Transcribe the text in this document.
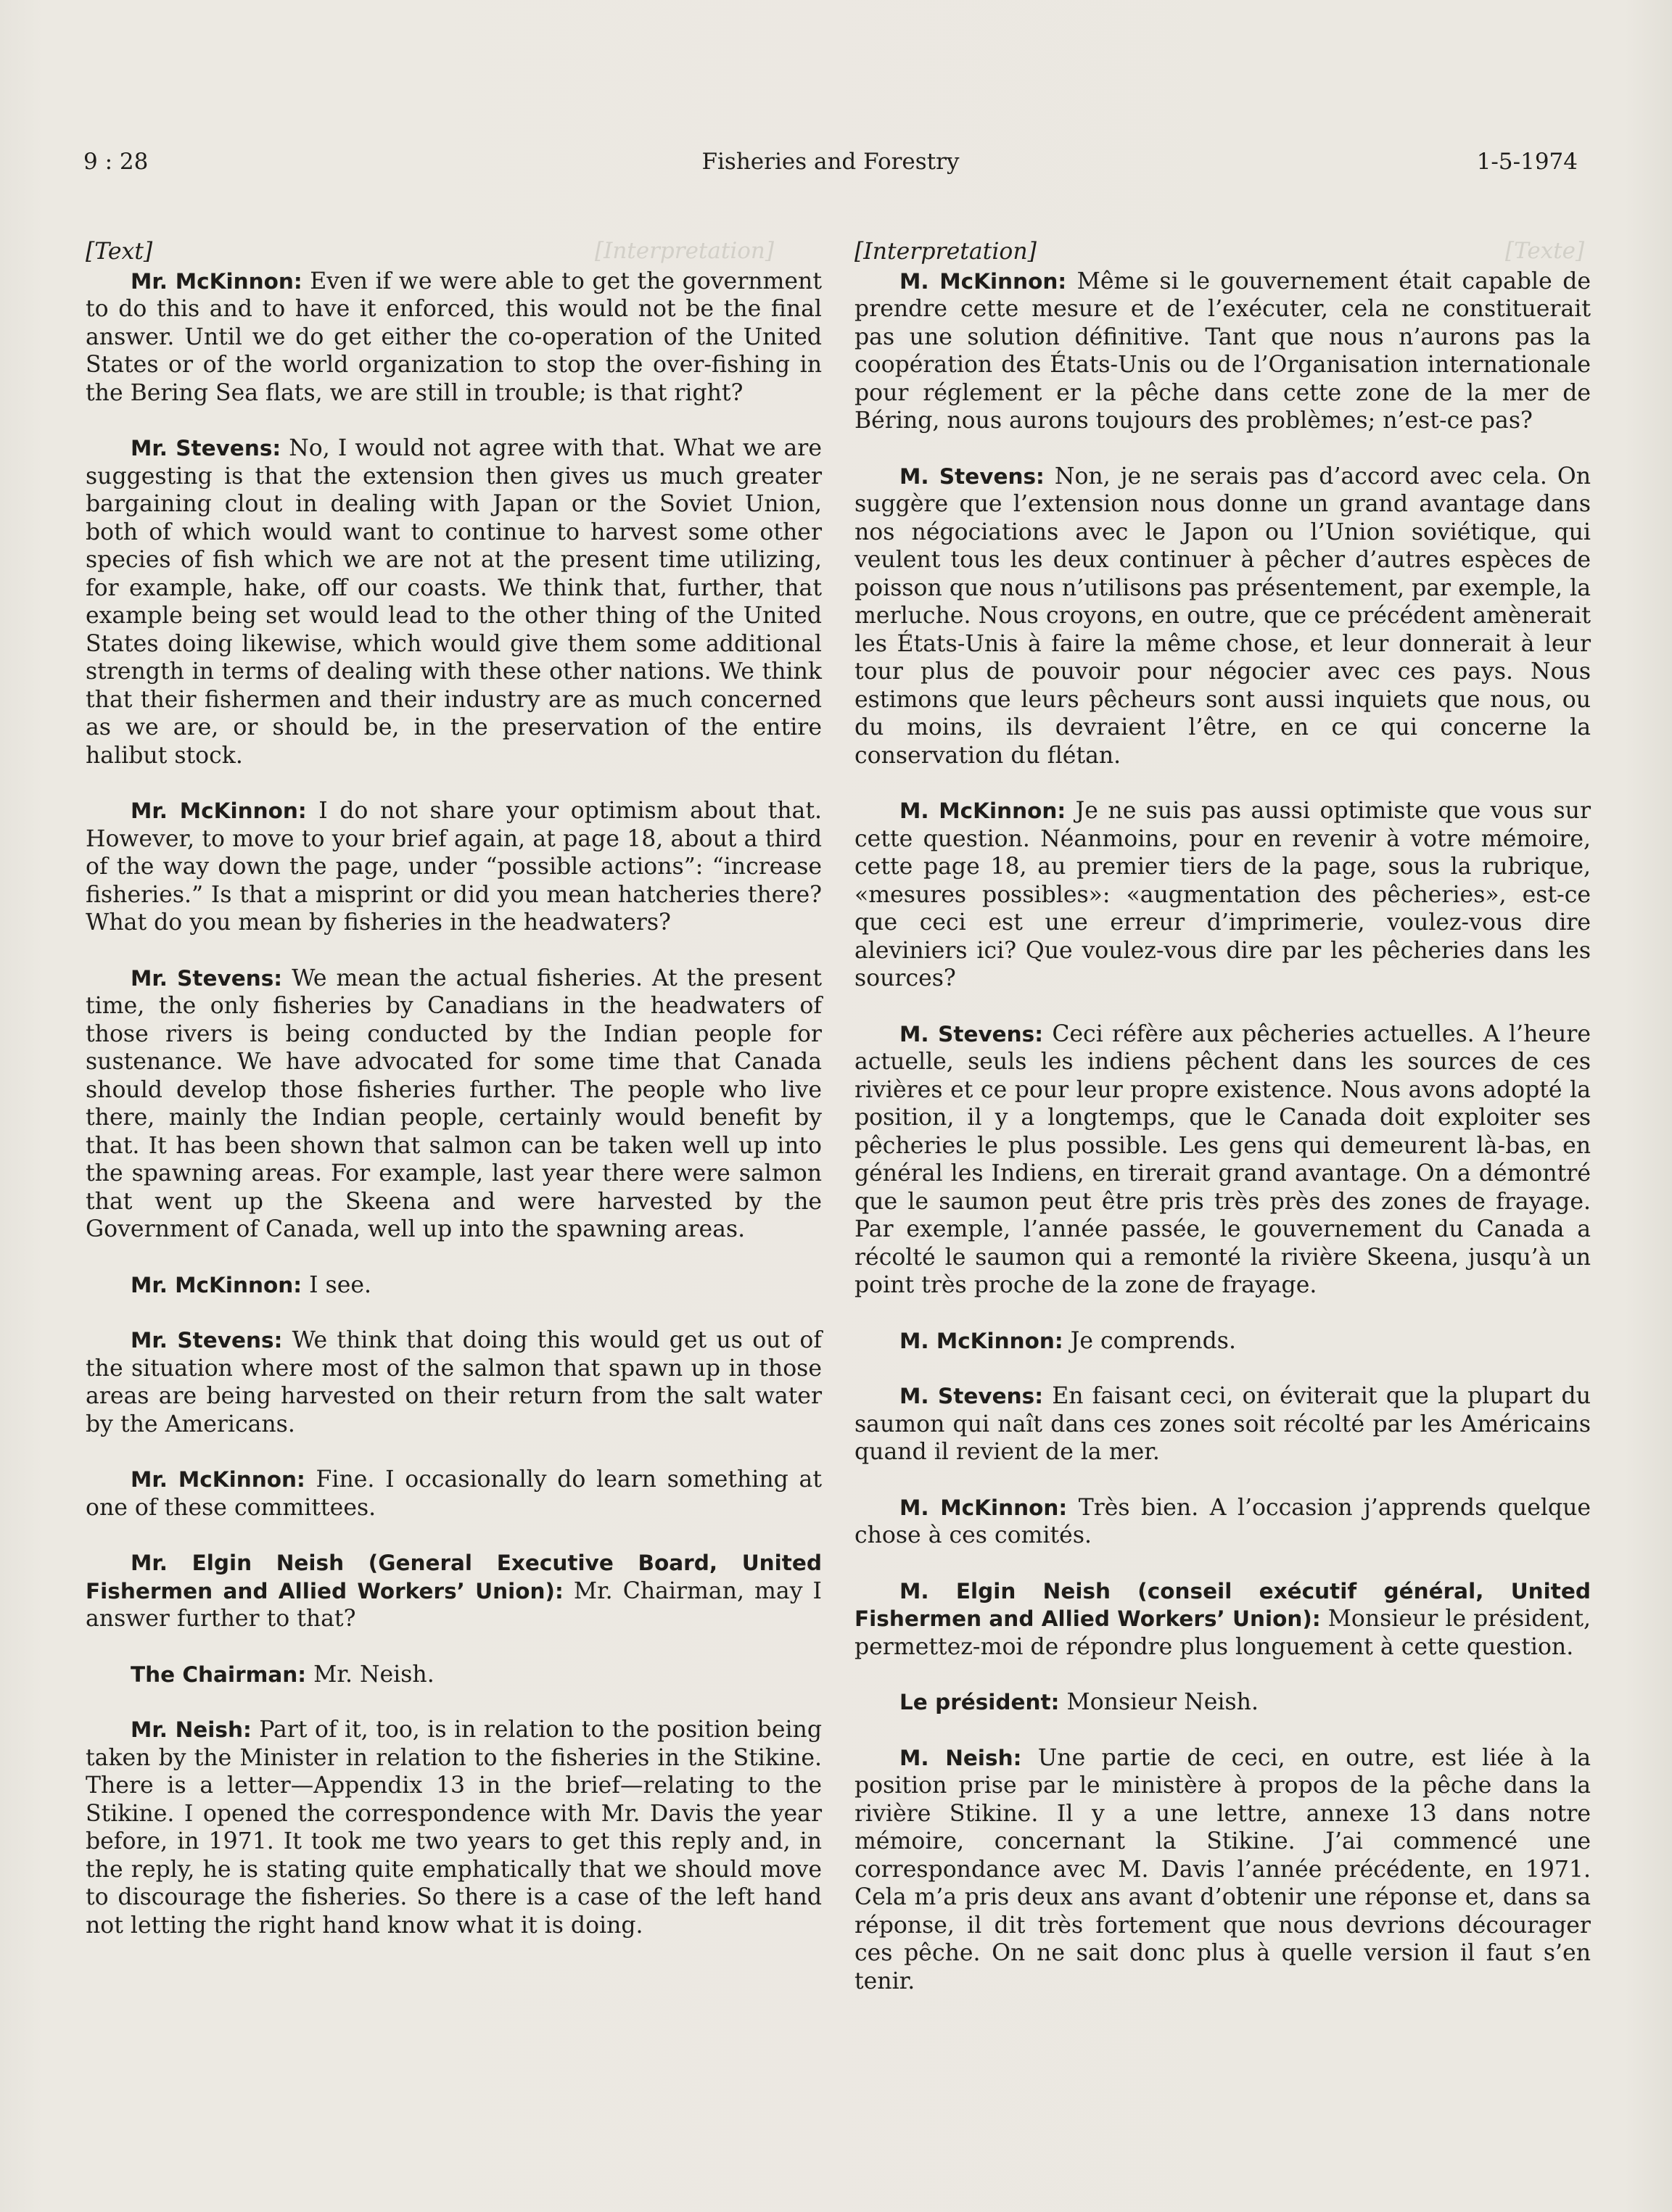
[Interpretation]	[Texte]
9 : 28	Fisheries and Forestry	1-5-1974
[Text]

Mr. McKinnon: Even if we were able to get the government to do this and to have it enforced, this would not be the final answer. Until we do get either the co-operation of the United States or of the world organization to stop the over-fishing in the Bering Sea flats, we are still in trouble; is that right?

Mr. Stevens: No, I would not agree with that. What we are suggesting is that the extension then gives us much greater bargaining clout in dealing with Japan or the Soviet Union, both of which would want to continue to harvest some other species of fish which we are not at the present time utilizing, for example, hake, off our coasts. We think that, further, that example being set would lead to the other thing of the United States doing likewise, which would give them some additional strength in terms of dealing with these other nations. We think that their fishermen and their industry are as much concerned as we are, or should be, in the preservation of the entire halibut stock.

Mr. McKinnon: I do not share your optimism about that. However, to move to your brief again, at page 18, about a third of the way down the page, under “possible actions”: “increase fisheries.” Is that a misprint or did you mean hatcheries there? What do you mean by fisheries in the headwaters?

Mr. Stevens: We mean the actual fisheries. At the present time, the only fisheries by Canadians in the headwaters of those rivers is being conducted by the Indian people for sustenance. We have advocated for some time that Canada should develop those fisheries further. The people who live there, mainly the Indian people, certainly would benefit by that. It has been shown that salmon can be taken well up into the spawning areas. For example, last year there were salmon that went up the Skeena and were harvested by the Government of Canada, well up into the spawning areas.

Mr. McKinnon: I see.

Mr. Stevens: We think that doing this would get us out of the situation where most of the salmon that spawn up in those areas are being harvested on their return from the salt water by the Americans.

Mr. McKinnon: Fine. I occasionally do learn something at one of these committees.

Mr. Elgin Neish (General Executive Board, United Fishermen and Allied Workers’ Union): Mr. Chairman, may I answer further to that?

The Chairman: Mr. Neish.

Mr. Neish: Part of it, too, is in relation to the position being taken by the Minister in relation to the fisheries in the Stikine. There is a letter—Appendix 13 in the brief—relating to the Stikine. I opened the correspondence with Mr. Davis the year before, in 1971. It took me two years to get this reply and, in the reply, he is stating quite emphatically that we should move to discourage the fisheries. So there is a case of the left hand not letting the right hand know what it is doing.

[Interpretation]

M. McKinnon: Même si le gouvernement était capable de prendre cette mesure et de l’exécuter, cela ne constituerait pas une solution définitive. Tant que nous n’aurons pas la coopération des États-Unis ou de l’Organisation internationale pour réglement er la pêche dans cette zone de la mer de Béring, nous aurons toujours des problèmes; n’est-ce pas?

M. Stevens: Non, je ne serais pas d’accord avec cela. On suggère que l’extension nous donne un grand avantage dans nos négociations avec le Japon ou l’Union soviétique, qui veulent tous les deux continuer à pêcher d’autres espèces de poisson que nous n’utilisons pas présentement, par exemple, la merluche. Nous croyons, en outre, que ce précédent amènerait les États-Unis à faire la même chose, et leur donnerait à leur tour plus de pouvoir pour négocier avec ces pays. Nous estimons que leurs pêcheurs sont aussi inquiets que nous, ou du moins, ils devraient l’être, en ce qui concerne la conservation du flétan.

M. McKinnon: Je ne suis pas aussi optimiste que vous sur cette question. Néanmoins, pour en revenir à votre mémoire, cette page 18, au premier tiers de la page, sous la rubrique, «mesures possibles»: «augmentation des pêcheries», est-ce que ceci est une erreur d’imprimerie, voulez-vous dire aleviniers ici? Que voulez-vous dire par les pêcheries dans les sources?

M. Stevens: Ceci réfère aux pêcheries actuelles. A l’heure actuelle, seuls les indiens pêchent dans les sources de ces rivières et ce pour leur propre existence. Nous avons adopté la position, il y a longtemps, que le Canada doit exploiter ses pêcheries le plus possible. Les gens qui demeurent là-bas, en général les Indiens, en tirerait grand avantage. On a démontré que le saumon peut être pris très près des zones de frayage. Par exemple, l’année passée, le gouvernement du Canada a récolté le saumon qui a remonté la rivière Skeena, jusqu’à un point très proche de la zone de frayage.

M. McKinnon: Je comprends.

M. Stevens: En faisant ceci, on éviterait que la plupart du saumon qui naît dans ces zones soit récolté par les Américains quand il revient de la mer.

M. McKinnon: Très bien. A l’occasion j’apprends quelque chose à ces comités.

M. Elgin Neish (conseil exécutif général, United Fishermen and Allied Workers’ Union): Monsieur le président, permettez-moi de répondre plus longuement à cette question.

Le président: Monsieur Neish.

M. Neish: Une partie de ceci, en outre, est liée à la position prise par le ministère à propos de la pêche dans la rivière Stikine. Il y a une lettre, annexe 13 dans notre mémoire, concernant la Stikine. J’ai commencé une correspondance avec M. Davis l’année précédente, en 1971. Cela m’a pris deux ans avant d’obtenir une réponse et, dans sa réponse, il dit très fortement que nous devrions décourager ces pêche. On ne sait donc plus à quelle version il faut s’en tenir.
